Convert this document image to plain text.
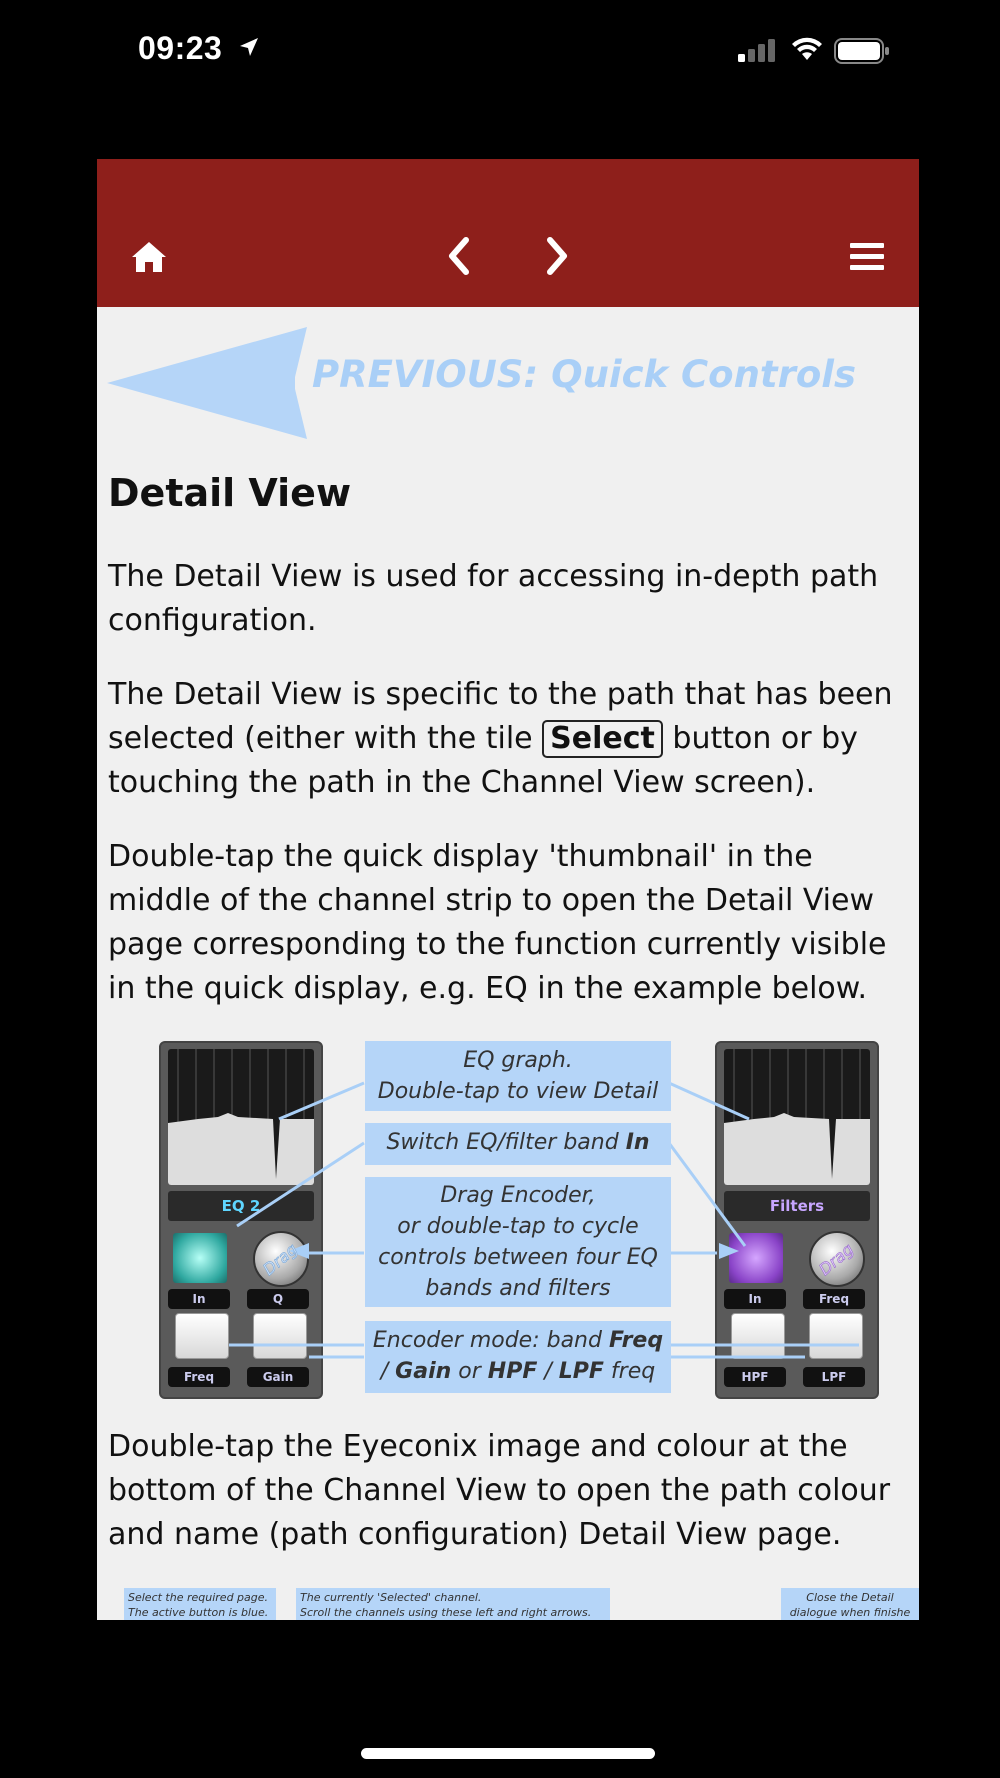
09:23
PREVIOUS: Quick Controls
Detail View

The Detail View is used for accessing in-depth path configuration.

The Detail View is specific to the path that has been selected (either with the tile Select button or by touching the path in the Channel View screen).

Double-tap the quick display 'thumbnail' in the middle of the channel strip to open the Detail View page corresponding to the function currently visible in the quick display, e.g. EQ in the example below.

EQ 2
In	Q
Freq	Gain
Filters
In	Freq
HPF	LPF
EQ graph.
Double-tap to view Detail
Switch EQ/filter band In
Drag Encoder,
or double-tap to cycle
controls between four EQ
bands and filters
Encoder mode: band Freq
/ Gain or HPF / LPF freq
Drag	Drag

Double-tap the Eyeconix image and colour at the bottom of the Channel View to open the path colour and name (path configuration) Detail View page.

Select the required page.
The active button is blue.
The currently 'Selected' channel.
Scroll the channels using these left and right arrows.
Close the Detail
dialogue when finishe
